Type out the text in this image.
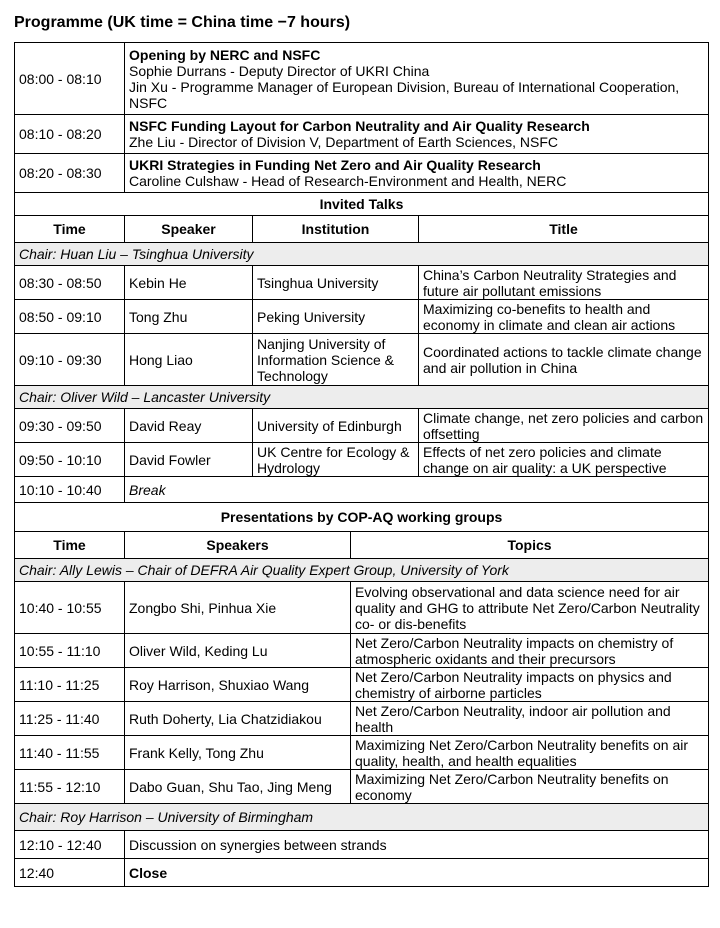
Programme (UK time = China time −7 hours)
08:00 - 08:10	Opening by NERC and NSFC
Sophie Durrans - Deputy Director of UKRI China
Jin Xu - Programme Manager of European Division, Bureau of International Cooperation, NSFC			

08:10 - 08:20	NSFC Funding Layout for Carbon Neutrality and Air Quality Research
Zhe Liu - Director of Division V, Department of Earth Sciences, NSFC			

08:20 - 08:30	UKRI Strategies in Funding Net Zero and Air Quality Research
Caroline Culshaw - Head of Research-Environment and Health, NERC			

Invited Talks				
Time	Speaker	Institution		Title
Chair: Huan Liu – Tsinghua University				
08:30 - 08:50	Kebin He	Tsinghua University		China’s Carbon Neutrality Strategies and future air pollutant emissions
08:50 - 09:10	Tong Zhu	Peking University		Maximizing co-benefits to health and economy in climate and clean air actions
09:10 - 09:30	Hong Liao	Nanjing University of Information Science & Technology		Coordinated actions to tackle climate change and air pollution in China
Chair: Oliver Wild – Lancaster University				
09:30 - 09:50	David Reay	University of Edinburgh		Climate change, net zero policies and carbon offsetting
09:50 - 10:10	David Fowler	UK Centre for Ecology & Hydrology		Effects of net zero policies and climate change on air quality: a UK perspective
10:10 - 10:40	Break			
Presentations by COP-AQ working groups				
Time	Speakers		Topics	
Chair: Ally Lewis – Chair of DEFRA Air Quality Expert Group, University of York				
10:40 - 10:55	Zongbo Shi, Pinhua Xie		Evolving observational and data science need for air quality and GHG to attribute Net Zero/Carbon Neutrality co- or dis-benefits	
10:55 - 11:10	Oliver Wild, Keding Lu		Net Zero/Carbon Neutrality impacts on chemistry of atmospheric oxidants and their precursors	
11:10 - 11:25	Roy Harrison, Shuxiao Wang		Net Zero/Carbon Neutrality impacts on physics and chemistry of airborne particles	
11:25 - 11:40	Ruth Doherty, Lia Chatzidiakou		Net Zero/Carbon Neutrality, indoor air pollution and health	
11:40 - 11:55	Frank Kelly, Tong Zhu		Maximizing Net Zero/Carbon Neutrality benefits on air quality, health, and health equalities	
11:55 - 12:10	Dabo Guan, Shu Tao, Jing Meng		Maximizing Net Zero/Carbon Neutrality benefits on economy	
Chair: Roy Harrison – University of Birmingham				
12:10 - 12:40	Discussion on synergies between strands			
12:40	Close			
